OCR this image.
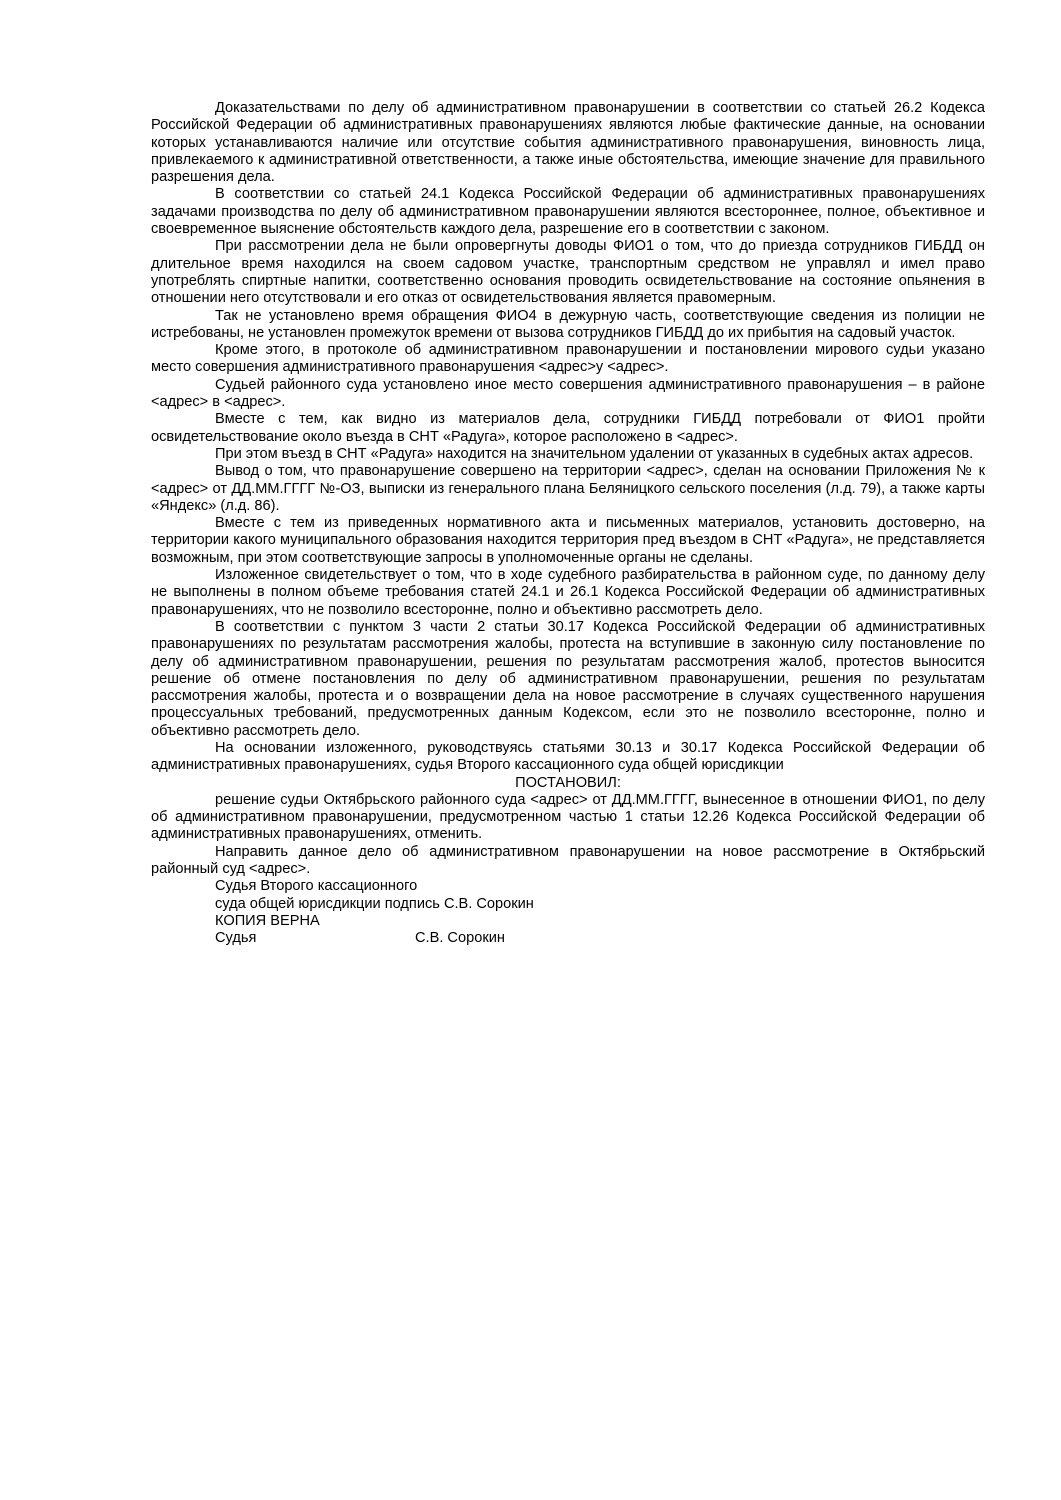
Доказательствами по делу об административном правонарушении в соответствии со статьей 26.2 Кодекса Российской Федерации об административных правонарушениях являются любые фактические данные, на основании которых устанавливаются наличие или отсутствие события административного правонарушения, виновность лица, привлекаемого к административной ответственности, а также иные обстоятельства, имеющие значение для правильного разрешения дела.

В соответствии со статьей 24.1 Кодекса Российской Федерации об административных правонарушениях задачами производства по делу об административном правонарушении являются всестороннее, полное, объективное и своевременное выяснение обстоятельств каждого дела, разрешение его в соответствии с законом.

При рассмотрении дела не были опровергнуты доводы ФИО1 о том, что до приезда сотрудников ГИБДД он длительное время находился на своем садовом участке, транспортным средством не управлял и имел право употреблять спиртные напитки, соответственно основания проводить освидетельствование на состояние опьянения в отношении него отсутствовали и его отказ от освидетельствования является правомерным.

Так не установлено время обращения ФИО4 в дежурную часть, соответствующие сведения из полиции не истребованы, не установлен промежуток времени от вызова сотрудников ГИБДД до их прибытия на садовый участок.

Кроме этого, в протоколе об административном правонарушении и постановлении мирового судьи указано место совершения административного правонарушения <адрес>у <адрес>.

Судьей районного суда установлено иное место совершения административного правонарушения – в районе <адрес> в <адрес>.

Вместе с тем, как видно из материалов дела, сотрудники ГИБДД потребовали от ФИО1 пройти освидетельствование около въезда в СНТ «Радуга», которое расположено в <адрес>.

При этом въезд в СНТ «Радуга» находится на значительном удалении от указанных в судебных актах адресов.

Вывод о том, что правонарушение совершено на территории <адрес>, сделан на основании Приложения № к <адрес> от ДД.ММ.ГГГГ №-ОЗ, выписки из генерального плана Беляницкого сельского поселения (л.д. 79), а также карты «Яндекс» (л.д. 86).

Вместе с тем из приведенных нормативного акта и письменных материалов, установить достоверно, на территории какого муниципального образования находится территория пред въездом в СНТ «Радуга», не представляется возможным, при этом соответствующие запросы в уполномоченные органы не сделаны.

Изложенное свидетельствует о том, что в ходе судебного разбирательства в районном суде, по данному делу не выполнены в полном объеме требования статей 24.1 и 26.1 Кодекса Российской Федерации об административных правонарушениях, что не позволило всесторонне, полно и объективно рассмотреть дело.

В соответствии с пунктом 3 части 2 статьи 30.17 Кодекса Российской Федерации об административных правонарушениях по результатам рассмотрения жалобы, протеста на вступившие в законную силу постановление по делу об административном правонарушении, решения по результатам рассмотрения жалоб, протестов выносится решение об отмене постановления по делу об административном правонарушении, решения по результатам рассмотрения жалобы, протеста и о возвращении дела на новое рассмотрение в случаях существенного нарушения процессуальных требований, предусмотренных данным Кодексом, если это не позволило всесторонне, полно и объективно рассмотреть дело.

На основании изложенного, руководствуясь статьями 30.13 и 30.17 Кодекса Российской Федерации об административных правонарушениях, судья Второго кассационного суда общей юрисдикции

ПОСТАНОВИЛ:

решение судьи Октябрьского районного суда <адрес> от ДД.ММ.ГГГГ, вынесенное в отношении ФИО1, по делу об административном правонарушении, предусмотренном частью 1 статьи 12.26 Кодекса Российской Федерации об административных правонарушениях, отменить.

Направить данное дело об административном правонарушении на новое рассмотрение в Октябрьский районный суд <адрес>.

Судья Второго кассационного

суда общей юрисдикции подпись С.В. Сорокин

КОПИЯ ВЕРНА

Судья	С.В. Сорокин
